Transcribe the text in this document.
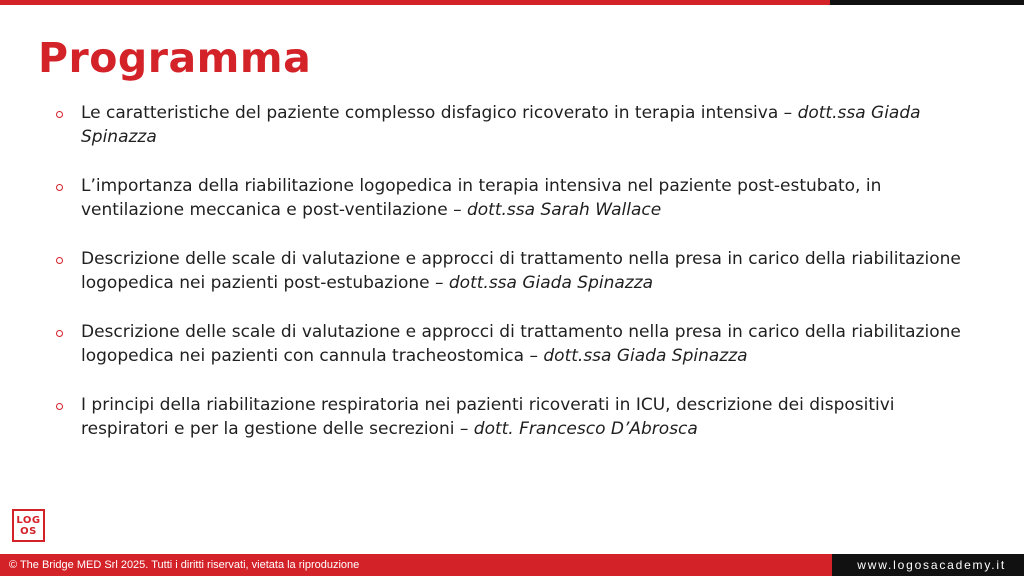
Programma
Le caratteristiche del paziente complesso disfagico ricoverato in terapia intensiva – dott.ssa Giada Spinazza
L’importanza della riabilitazione logopedica in terapia intensiva nel paziente post-estubato, in ventilazione meccanica e post-ventilazione – dott.ssa Sarah Wallace
Descrizione delle scale di valutazione e approcci di trattamento nella presa in carico della riabilitazione logopedica nei pazienti post-estubazione – dott.ssa Giada Spinazza
Descrizione delle scale di valutazione e approcci di trattamento nella presa in carico della riabilitazione logopedica nei pazienti con cannula tracheostomica – dott.ssa Giada Spinazza
I principi della riabilitazione respiratoria nei pazienti ricoverati in ICU, descrizione dei dispositivi respiratori e per la gestione delle secrezioni – dott. Francesco D’Abrosca
LOG
OS
© The Bridge MED Srl 2025. Tutti i diritti riservati, vietata la riproduzione	www.logosacademy.it
